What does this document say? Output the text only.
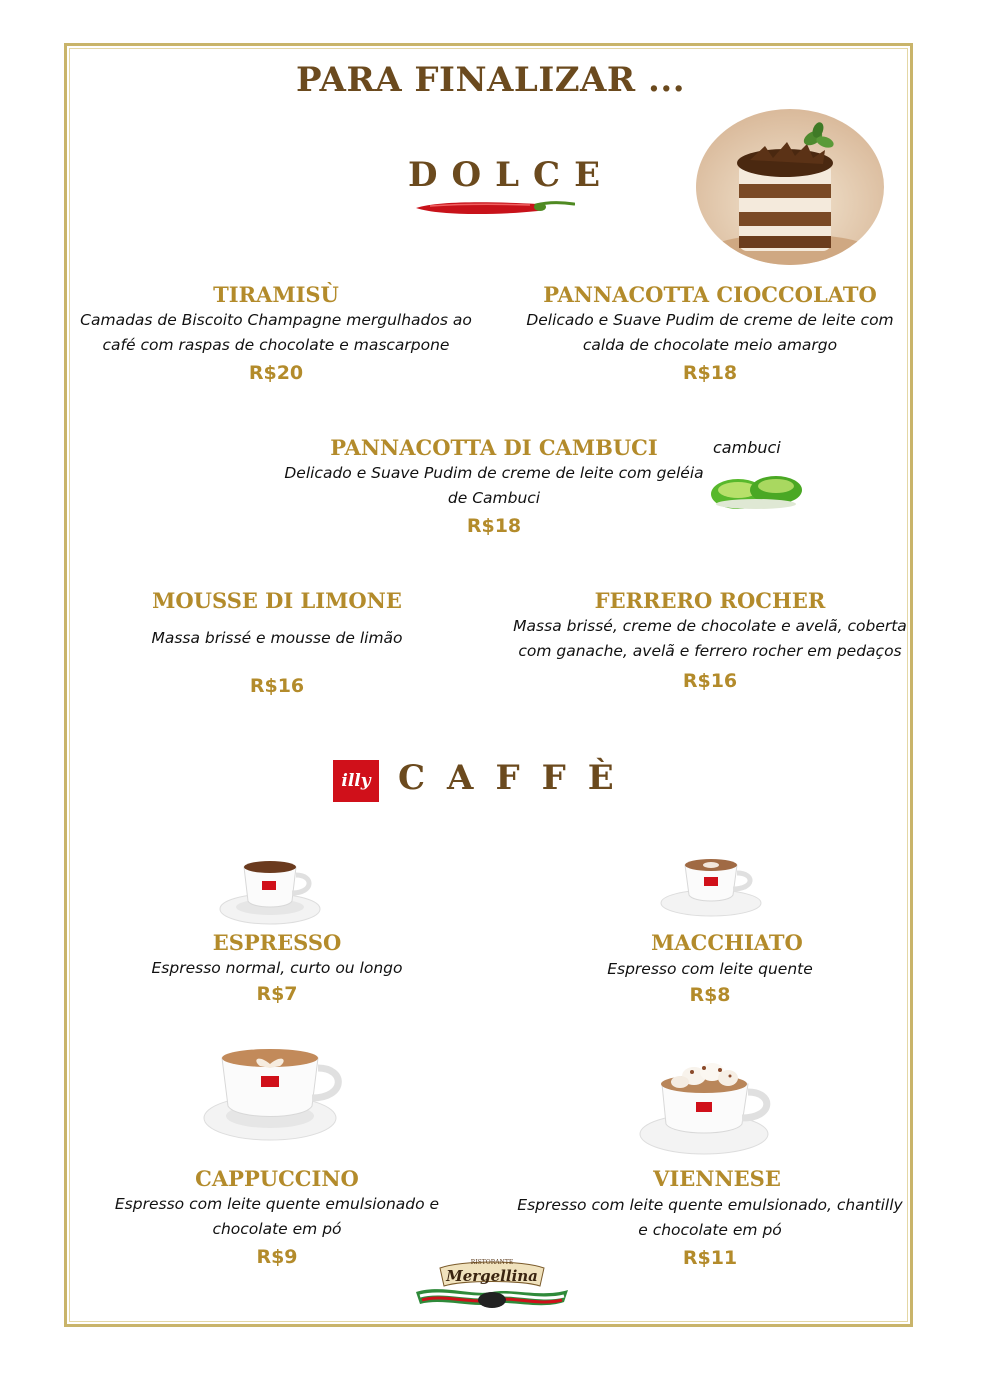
PARA FINALIZAR ...
DOLCE
TIRAMISÙ
Camadas de Biscoito Champagne mergulhados ao
café com raspas de chocolate e mascarpone
R$20
PANNACOTTA CIOCCOLATO
Delicado e Suave Pudim de creme de leite com
calda de chocolate meio amargo
R$18
PANNACOTTA DI CAMBUCI
Delicado e Suave Pudim de creme de leite com geléia
de Cambuci
R$18
cambuci
MOUSSE DI LIMONE
Massa brissé e mousse de limão
R$16
FERRERO ROCHER
Massa brissé, creme de chocolate e avelã, coberta
com ganache, avelã e ferrero rocher em pedaços
R$16
illy CAFFÈ
ESPRESSO
Espresso normal, curto ou longo
R$7
MACCHIATO
Espresso com leite quente
R$8
CAPPUCCINO
Espresso com leite quente emulsionado e
chocolate em pó
R$9
VIENNESE
Espresso com leite quente emulsionado, chantilly
e chocolate em pó
R$11
RISTORANTE
Mergellina
